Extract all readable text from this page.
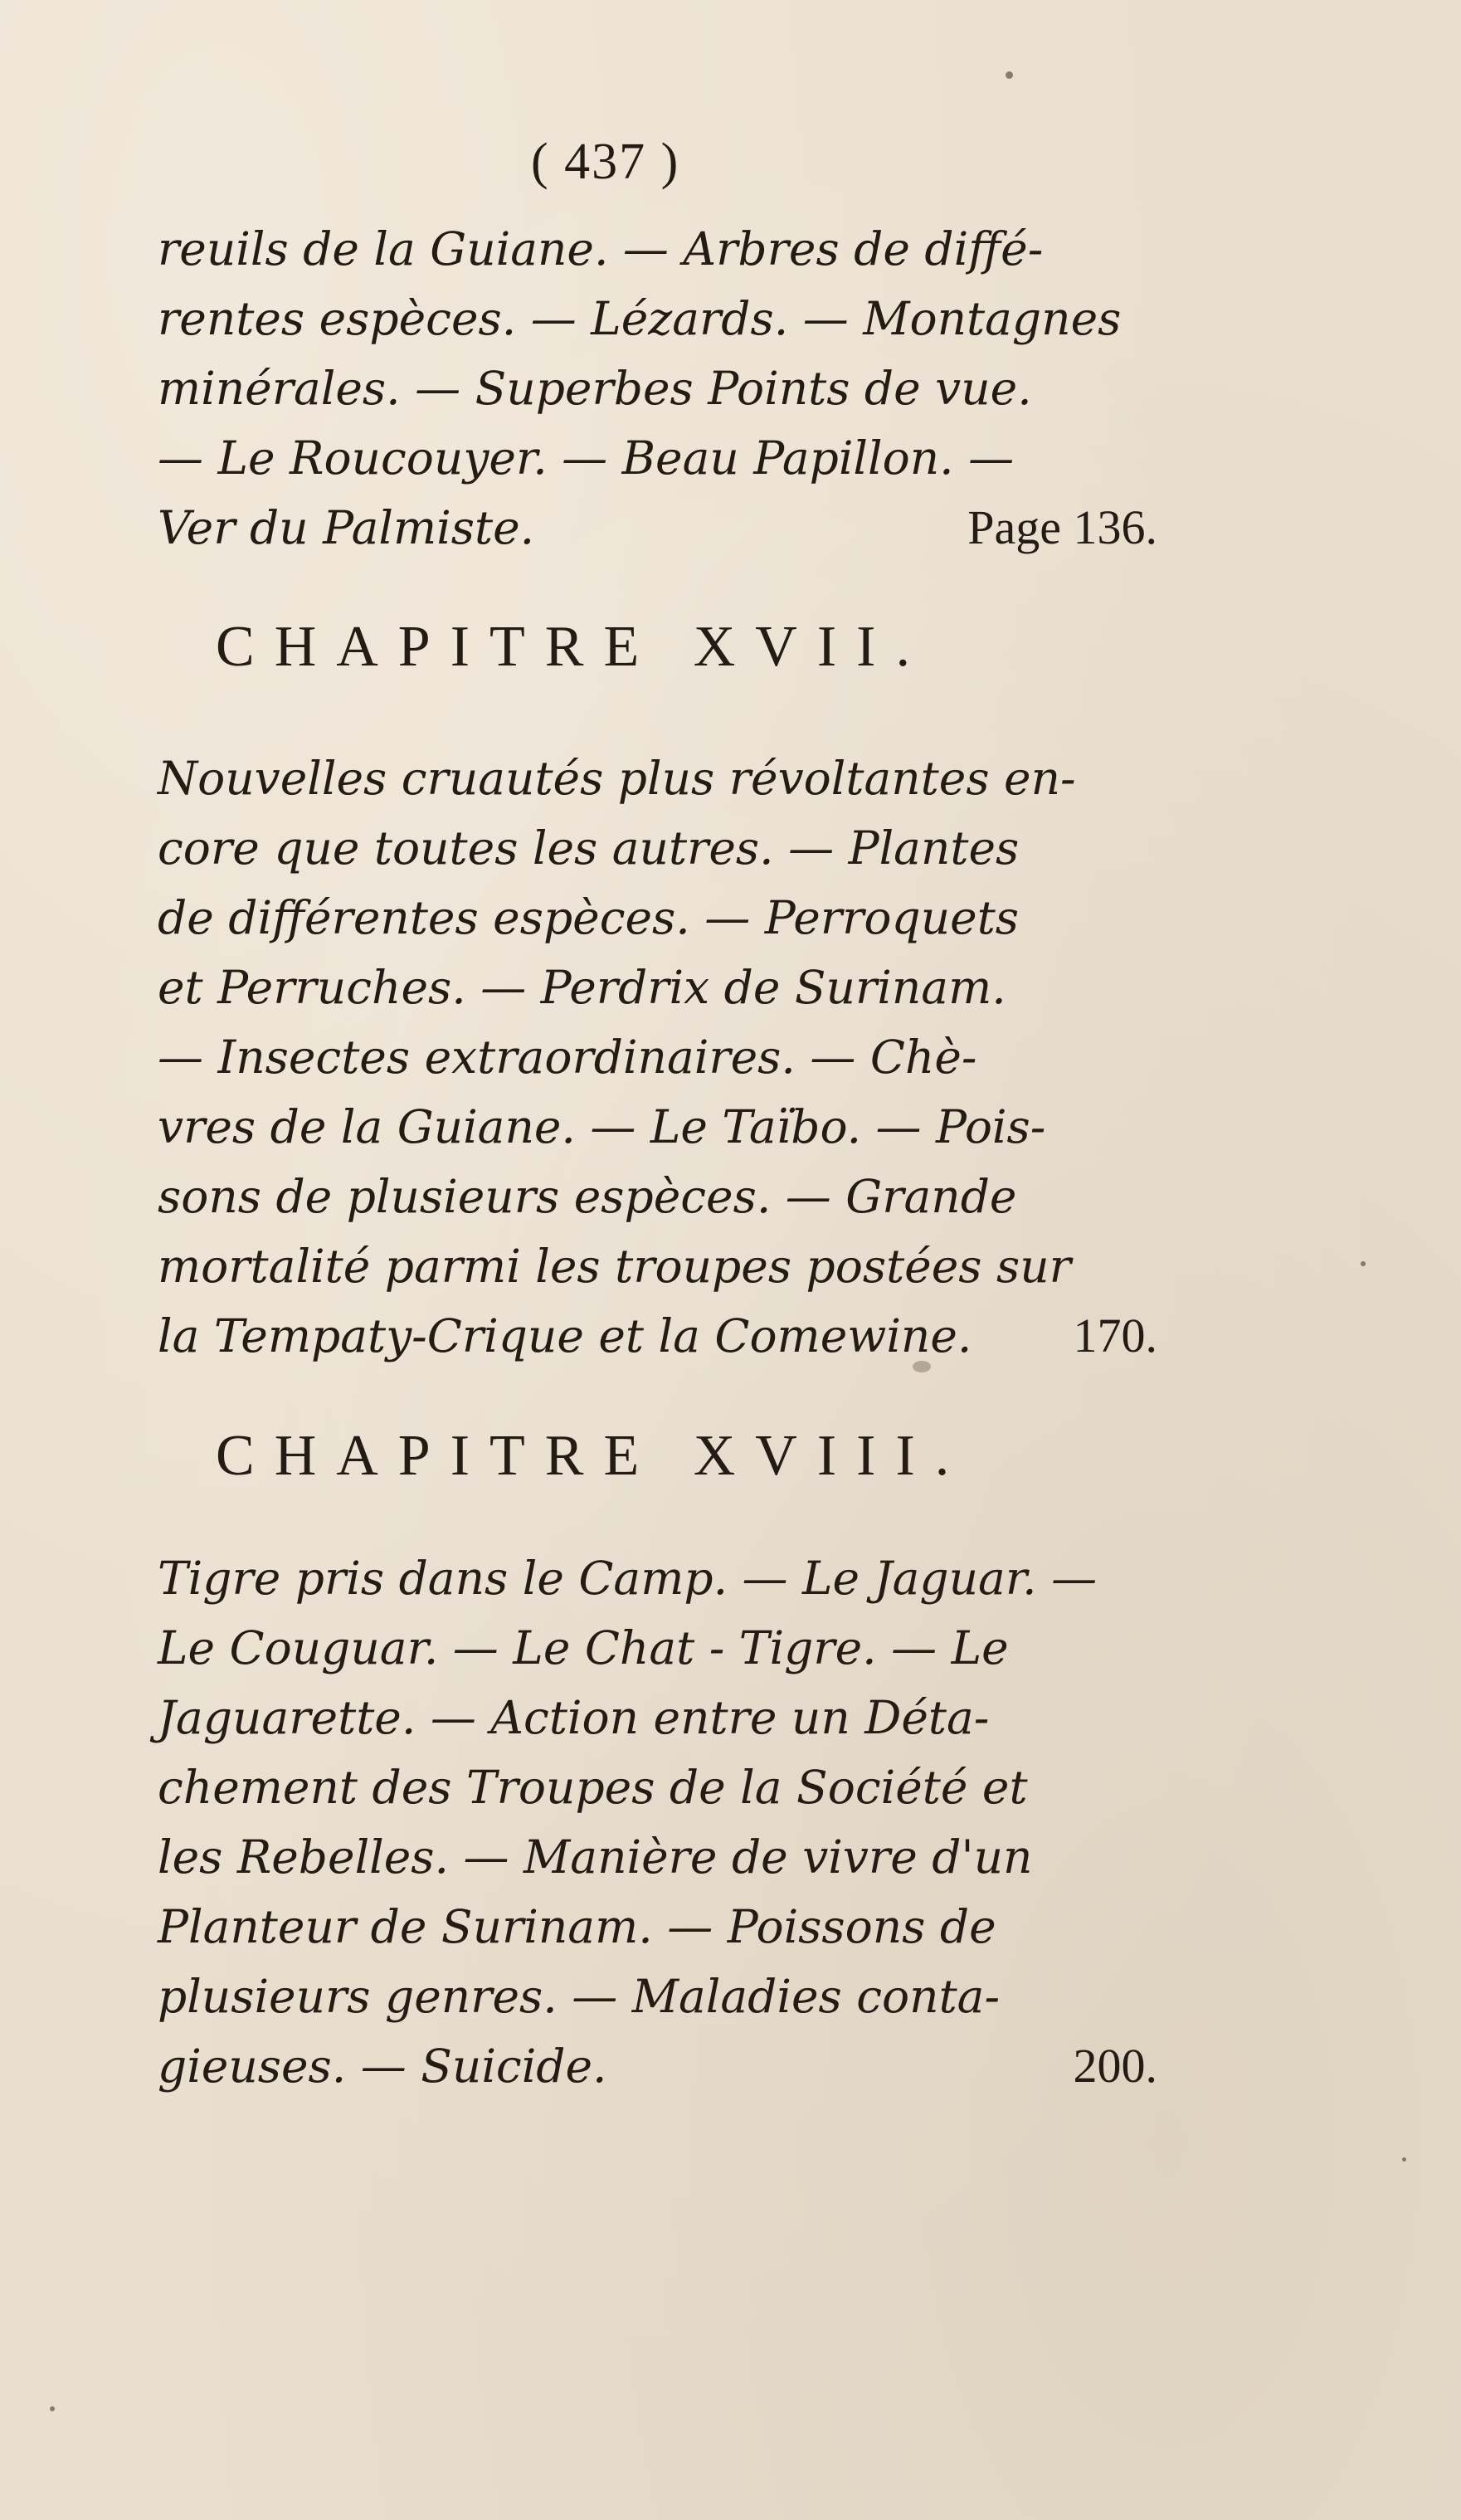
( 437 )
reuils de la Guiane. — Arbres de diffé-
rentes espèces. — Lézards. — Montagnes
minérales. — Superbes Points de vue.
— Le Roucouyer. — Beau Papillon. —
Ver du Palmiste.	Page 136.
CHAPITRE XVII.
Nouvelles cruautés plus révoltantes en-
core que toutes les autres. — Plantes
de différentes espèces. — Perroquets
et Perruches. — Perdrix de Surinam.
— Insectes extraordinaires. — Chè-
vres de la Guiane. — Le Taïbo. — Pois-
sons de plusieurs espèces. — Grande
mortalité parmi les troupes postées sur
la Tempaty-Crique et la Comewine. 170.
CHAPITRE XVIII.
Tigre pris dans le Camp. — Le Jaguar. —
Le Couguar. — Le Chat - Tigre. — Le
Jaguarette. — Action entre un Déta-
chement des Troupes de la Société et
les Rebelles. — Manière de vivre d'un
Planteur de Surinam. — Poissons de
plusieurs genres. — Maladies conta-
gieuses. — Suicide.	200.
